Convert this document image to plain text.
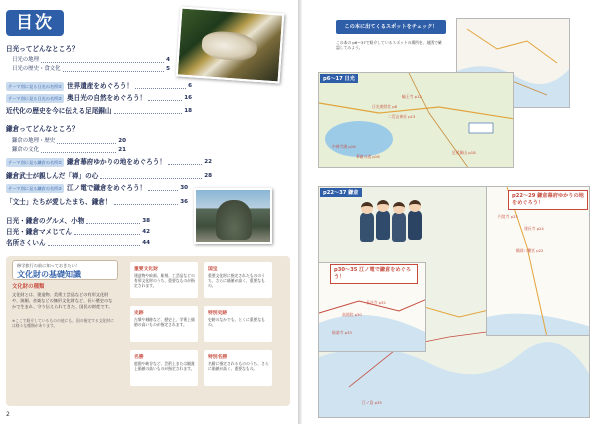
目次
日光ってどんなところ？
日光の地理	4
日光の歴史・食文化	5
テーマ別に見る日光の名所① 世界遺産をめぐろう！	6
テーマ別に見る日光の名所② 奥日光の自然をめぐろう！	16
近代化の歴史を今に伝える足尾銅山	18
鎌倉ってどんなところ？
鎌倉の地理・歴史	20
鎌倉の文化	21
テーマ別に見る鎌倉の名所① 鎌倉幕府ゆかりの地をめぐろう！	22
鎌倉武士が親しんだ「禅」の心	28
テーマ別に見る鎌倉の名所② 江ノ電で鎌倉をめぐろう！	30
「文士」たちが愛したまち、鎌倉！	36
日光・鎌倉のグルメ、小物	38
日光・鎌倉マメじてん	42
名所さくいん	44
修学旅行の前に知っておきたい！
文化財の基礎知識
文化財の種類
文化財とは、建造物、美術工芸品などの有形文化財や、演劇、音楽などの無形文化財など、長い歴史のなかで生まれ、守り伝えられてきた、国民の財産です。
※ここで紹介しているものの他にも、国の指定する文化財には様々な種類があります。
重要文化財
建造物や絵画、彫刻、工芸品などの有形文化財のうち、重要なものが指定されます。
国宝
重要文化財に指定されたもののうち、さらに価値が高く、重要なもの。
史跡
古墳や城跡など、歴史上、学術上価値の高いものが指定されます。
特別史跡
史跡のなかでも、とくに重要なもの。
名勝
庭園や峡谷など、芸術上または観賞上価値の高いものが指定されます。
特別名勝
名勝に指定されるもののうち、さらに価値が高く、重要なもの。
2
この本に出てくるスポットをチェック！
この本の p6〜37で紹介しているスポットの場所を、地図で確認してみよう。
p6〜17 日光
日光東照宮 p8
輪王寺 p12
二荒山神社 p13
中禅寺湖 p16
華厳の滝 p16
足尾銅山 p18
p22〜37 鎌倉	p22〜29 鎌倉幕府ゆかりの地をめぐろう！
鶴岡八幡宮 p22
建長寺 p24
円覚寺 p25
p30〜35 江ノ電で鎌倉をめぐろう！
長谷寺 p32
高徳院 p30
極楽寺 p33
江ノ島 p35
